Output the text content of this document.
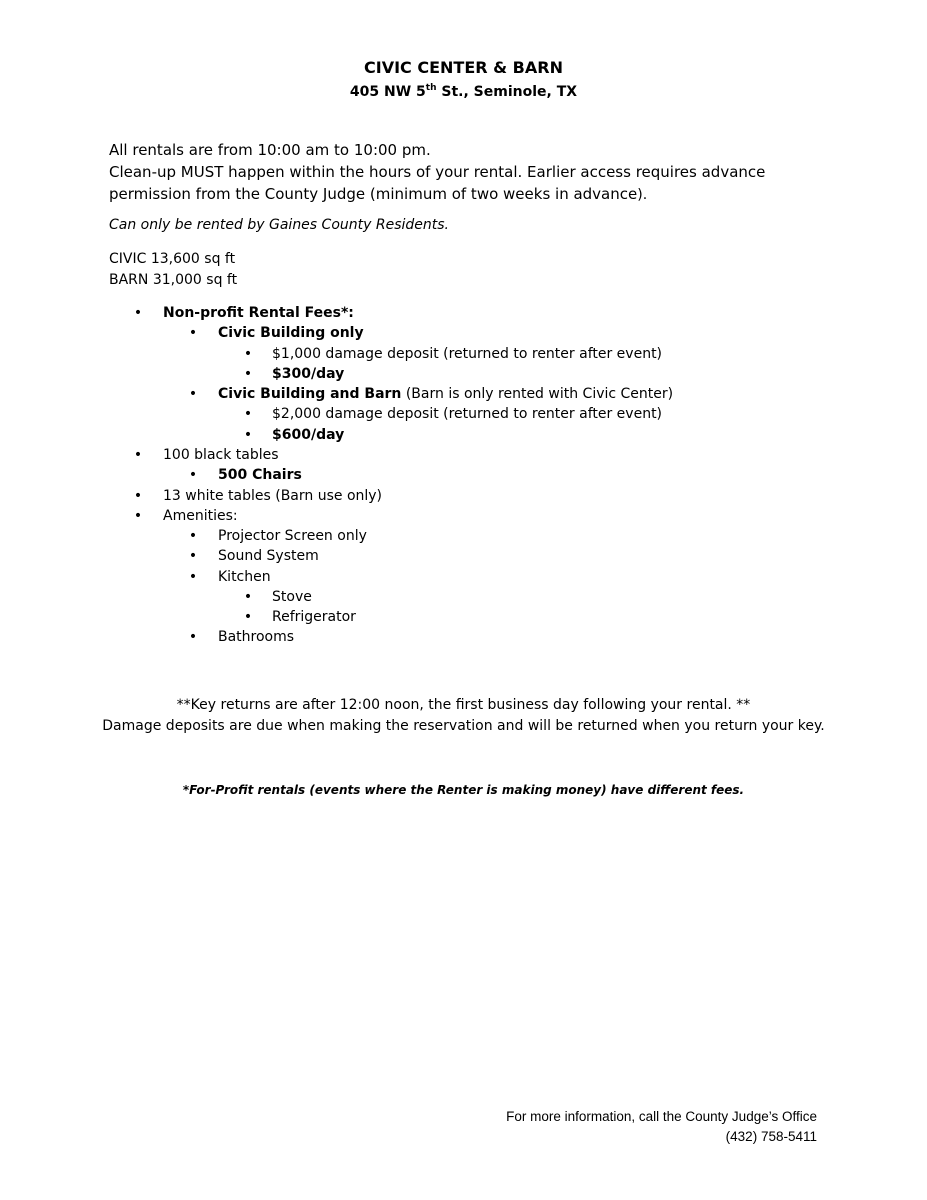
CIVIC CENTER & BARN
405 NW 5th St., Seminole, TX
All rentals are from 10:00 am to 10:00 pm.
Clean-up MUST happen within the hours of your rental. Earlier access requires advance
permission from the County Judge (minimum of two weeks in advance).
Can only be rented by Gaines County Residents.
CIVIC 13,600 sq ft
BARN 31,000 sq ft
• Non-profit Rental Fees*:
• Civic Building only
• $1,000 damage deposit (returned to renter after event)
• $300/day
• Civic Building and Barn (Barn is only rented with Civic Center)
• $2,000 damage deposit (returned to renter after event)
• $600/day
• 100 black tables
• 500 Chairs
• 13 white tables (Barn use only)
• Amenities:
• Projector Screen only
• Sound System
• Kitchen
• Stove
• Refrigerator
• Bathrooms
**Key returns are after 12:00 noon, the first business day following your rental. **
Damage deposits are due when making the reservation and will be returned when you return your key.
*For-Profit rentals (events where the Renter is making money) have different fees.
For more information, call the County Judge’s Office
(432) 758-5411
